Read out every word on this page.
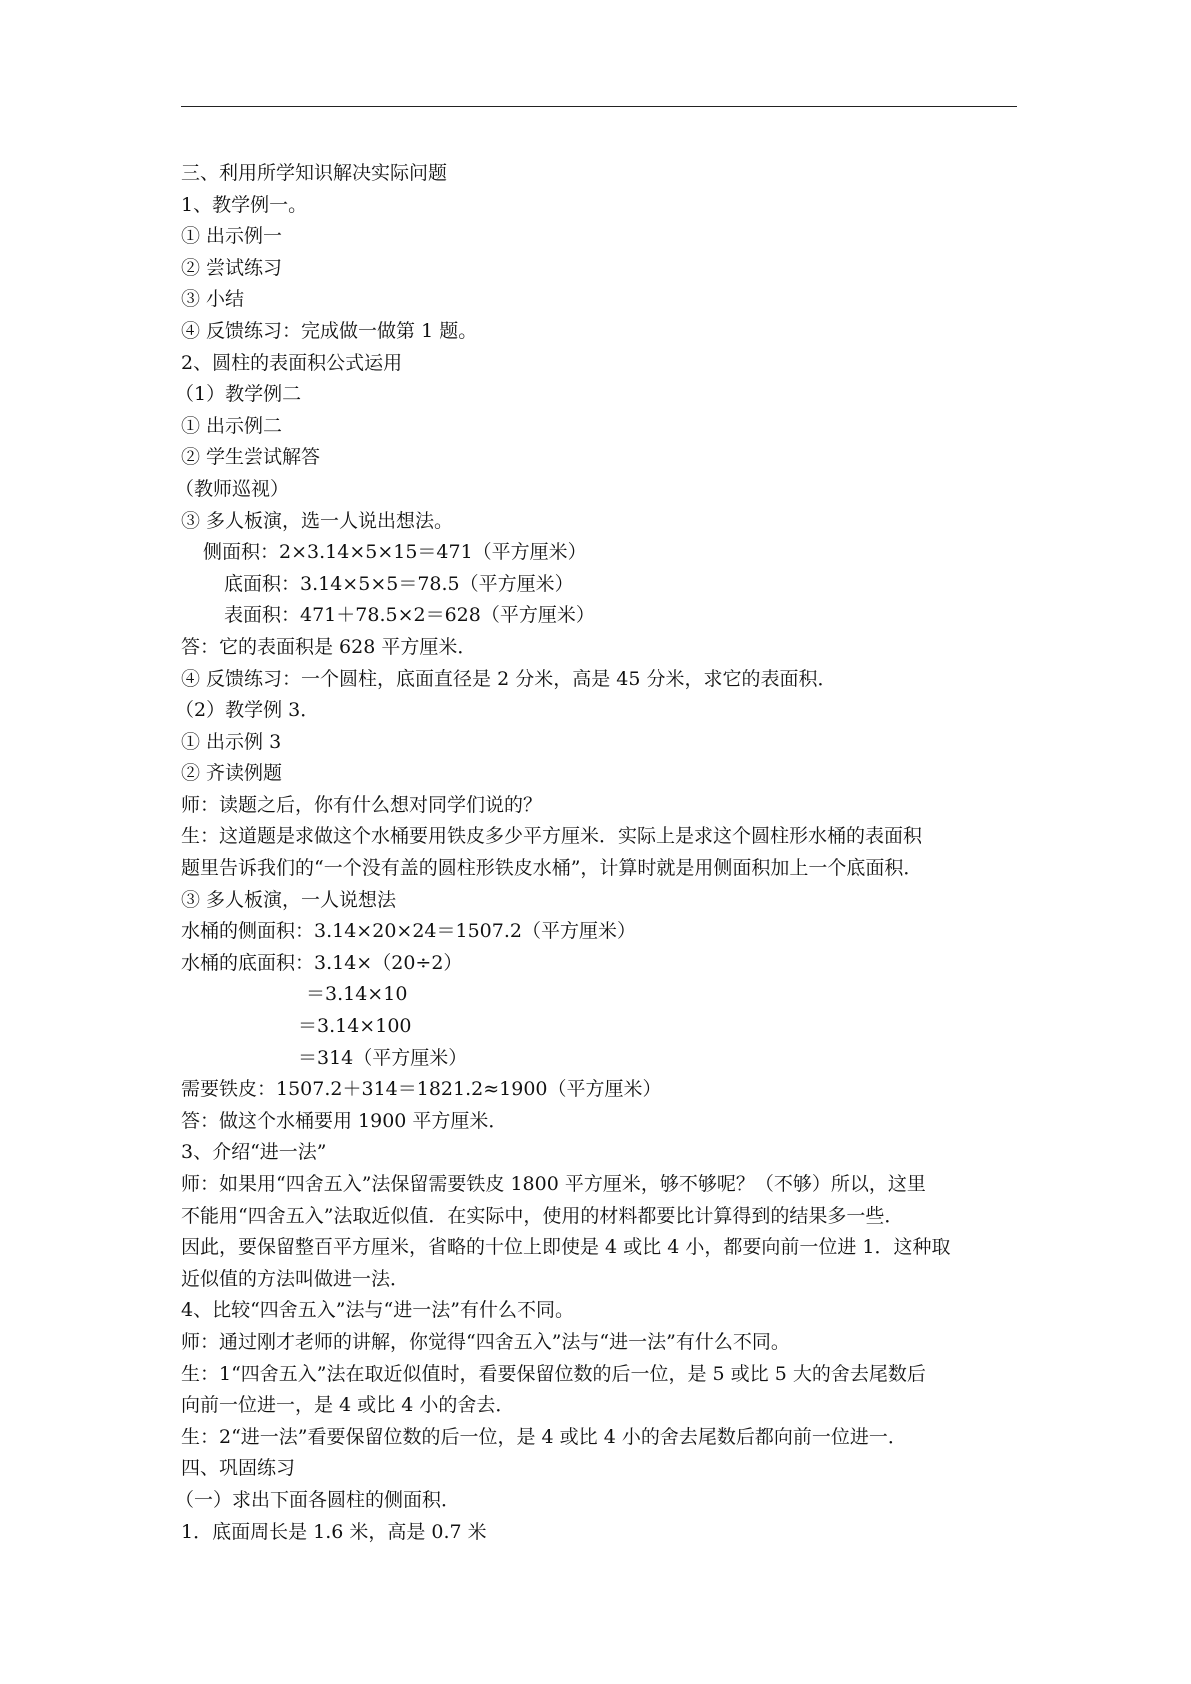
三、利用所学知识解决实际问题
1、教学例一。
① 出示例一
② 尝试练习
③ 小结
④ 反馈练习：完成做一做第 1 题。
2、圆柱的表面积公式运用
（1）教学例二
① 出示例二
② 学生尝试解答
（教师巡视）
③ 多人板演，选一人说出想法。
侧面积：2×3.14×5×15＝471（平方厘米）
底面积：3.14×5×5＝78.5（平方厘米）
表面积：471＋78.5×2＝628（平方厘米）
答：它的表面积是 628 平方厘米．
④ 反馈练习：一个圆柱，底面直径是 2 分米，高是 45 分米，求它的表面积．
（2）教学例 3．
① 出示例 3
② 齐读例题
师：读题之后，你有什么想对同学们说的？
生：这道题是求做这个水桶要用铁皮多少平方厘米．实际上是求这个圆柱形水桶的表面积
题里告诉我们的“一个没有盖的圆柱形铁皮水桶”，计算时就是用侧面积加上一个底面积．
③ 多人板演，一人说想法
水桶的侧面积：3.14×20×24＝1507.2（平方厘米）
水桶的底面积：3.14×（20÷2）
＝3.14×10
＝3.14×100
＝314（平方厘米）
需要铁皮：1507.2＋314＝1821.2≈1900（平方厘米）
答：做这个水桶要用 1900 平方厘米．
3、介绍“进一法”
师：如果用“四舍五入”法保留需要铁皮 1800 平方厘米，够不够呢？（不够）所以，这里
不能用“四舍五入”法取近似值．在实际中，使用的材料都要比计算得到的结果多一些．
因此，要保留整百平方厘米，省略的十位上即使是 4 或比 4 小，都要向前一位进 1．这种取
近似值的方法叫做进一法．
4、比较“四舍五入”法与“进一法”有什么不同。
师：通过刚才老师的讲解，你觉得“四舍五入”法与“进一法”有什么不同。
生：1“四舍五入”法在取近似值时，看要保留位数的后一位，是 5 或比 5 大的舍去尾数后
向前一位进一，是 4 或比 4 小的舍去．
生：2“进一法”看要保留位数的后一位，是 4 或比 4 小的舍去尾数后都向前一位进一．
四、巩固练习
（一）求出下面各圆柱的侧面积．
1．底面周长是 1.6 米，高是 0.7 米
